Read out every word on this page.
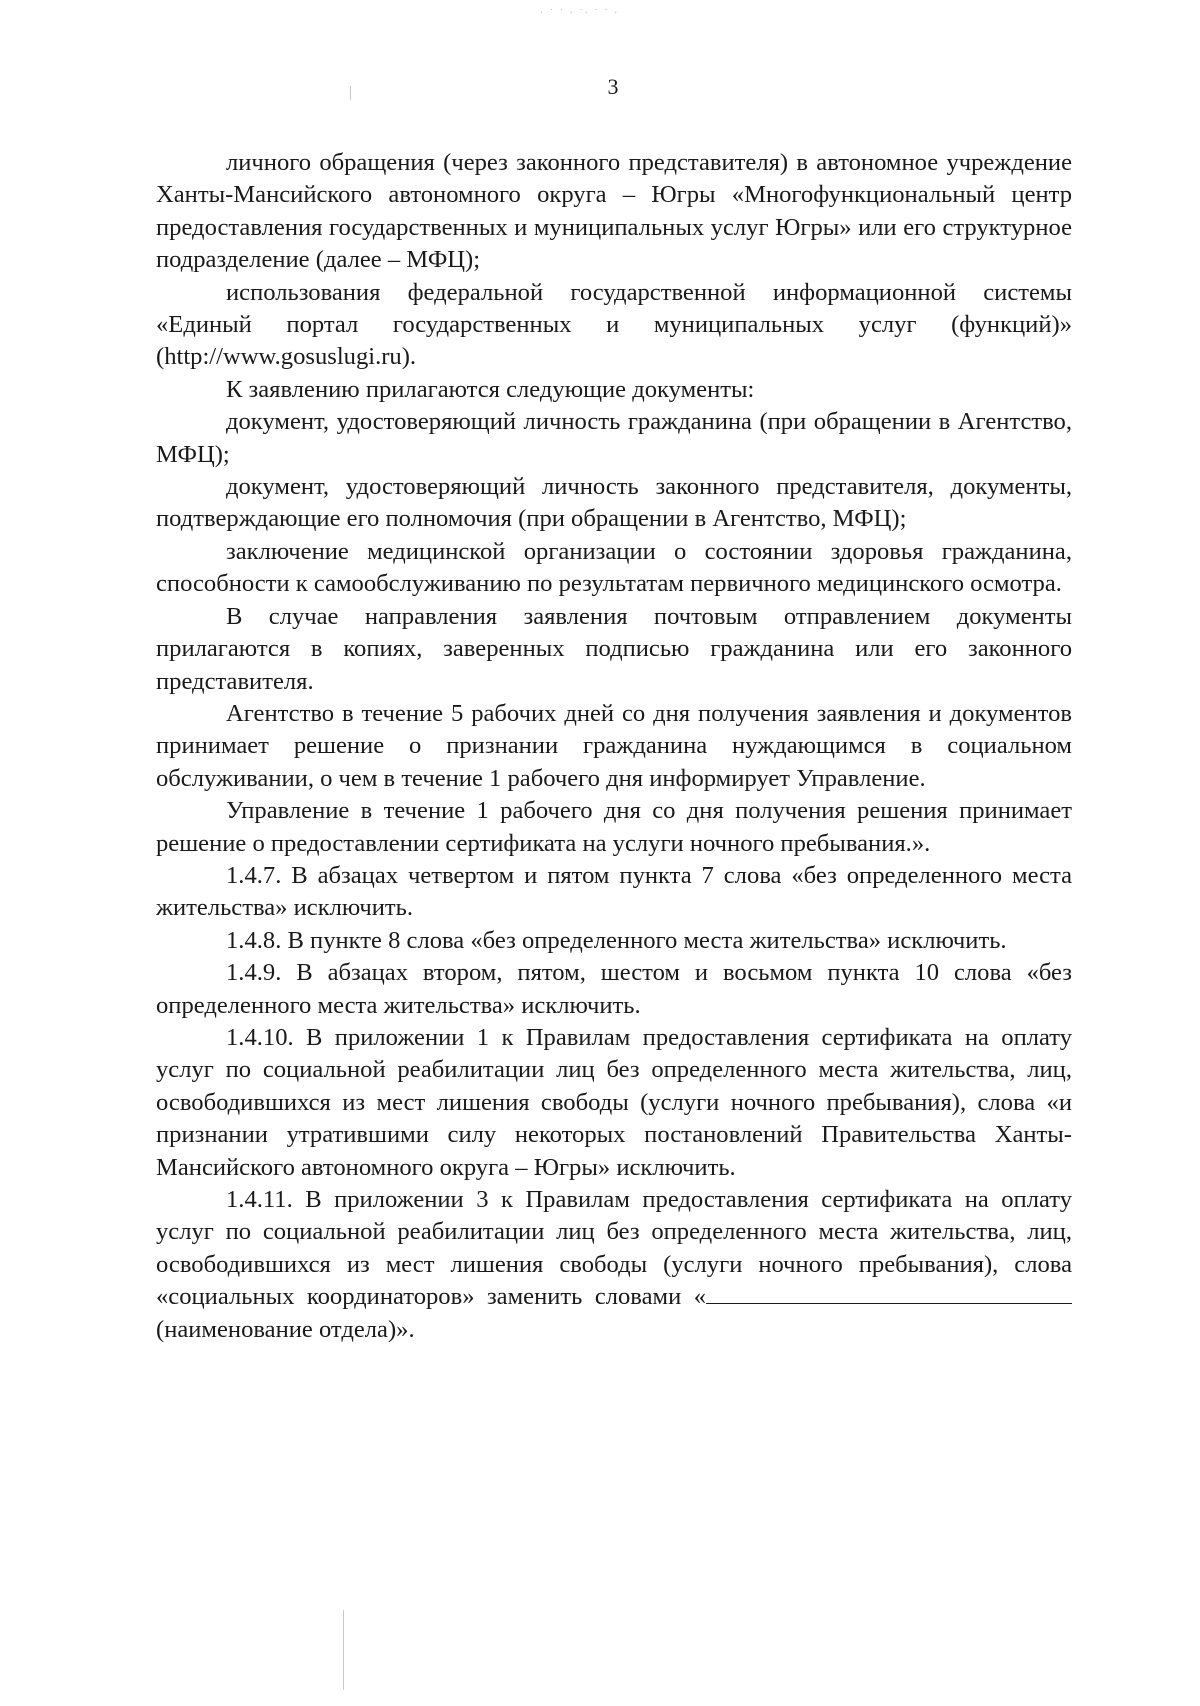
· ˙ ˙ · ˙· ˙ ˙ ·
3

личного обращения (через законного представителя) в автономное учреждение Ханты-Мансийского автономного округа – Югры «Многофункциональный центр предоставления государственных и муниципальных услуг Югры» или его структурное подразделение (далее – МФЦ);

использования федеральной государственной информационной системы «Единый портал государственных и муниципальных услуг (функций)» (http://www.gosuslugi.ru).

К заявлению прилагаются следующие документы:

документ, удостоверяющий личность гражданина (при обращении в Агентство, МФЦ);

документ, удостоверяющий личность законного представителя, документы, подтверждающие его полномочия (при обращении в Агентство, МФЦ);

заключение медицинской организации о состоянии здоровья гражданина, способности к самообслуживанию по результатам первичного медицинского осмотра.

В случае направления заявления почтовым отправлением документы прилагаются в копиях, заверенных подписью гражданина или его законного представителя.

Агентство в течение 5 рабочих дней со дня получения заявления и документов принимает решение о признании гражданина нуждающимся в социальном обслуживании, о чем в течение 1 рабочего дня информирует Управление.

Управление в течение 1 рабочего дня со дня получения решения принимает решение о предоставлении сертификата на услуги ночного пребывания.».

1.4.7. В абзацах четвертом и пятом пункта 7 слова «без определенного места жительства» исключить.

1.4.8. В пункте 8 слова «без определенного места жительства» исключить.

1.4.9. В абзацах втором, пятом, шестом и восьмом пункта 10 слова «без определенного места жительства» исключить.

1.4.10. В приложении 1 к Правилам предоставления сертификата на оплату услуг по социальной реабилитации лиц без определенного места жительства, лиц, освободившихся из мест лишения свободы (услуги ночного пребывания), слова «и признании утратившими силу некоторых постановлений Правительства Ханты-Мансийского автономного округа – Югры» исключить.

1.4.11. В приложении 3 к Правилам предоставления сертификата на оплату услуг по социальной реабилитации лиц без определенного места жительства, лиц, освободившихся из мест лишения свободы (услуги ночного пребывания), слова «социальных координаторов» заменить словами « (наименование отдела)».
